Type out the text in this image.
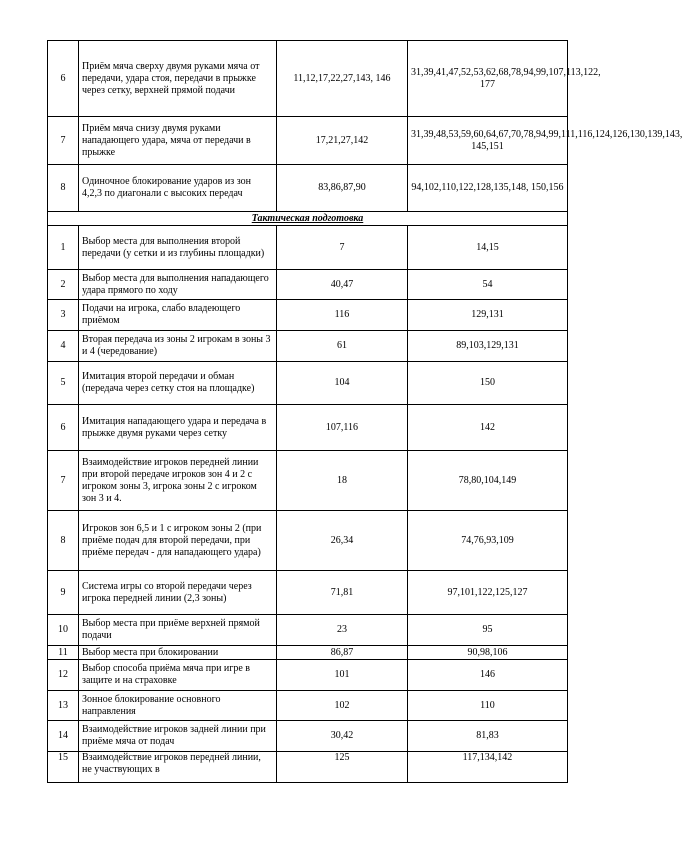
6	Приём мяча сверху двумя руками мяча от передачи, удара стоя, передачи в прыжке через сетку, верхней прямой подачи	11,12,17,22,27,143, 146	31,39,41,47,52,53,62,68,78,94,99,107,113,122, 177
7	Приём мяча снизу двумя руками нападающего удара, мяча от передачи в прыжке	17,21,27,142	31,39,48,53,59,60,64,67,70,78,94,99,111,116,124,126,130,139,143, 145,151
8	Одиночное блокирование ударов из зон 4,2,3 по диагонали с высоких передач	83,86,87,90	94,102,110,122,128,135,148, 150,156
Тактическая подготовка			
1	Выбор места для выполнения второй передачи (у сетки и из глубины площадки)	7	14,15
2	Выбор места для выполнения нападающего удара прямого по ходу	40,47	54
3	Подачи на игрока, слабо владеющего приёмом	116	129,131
4	Вторая передача из зоны 2 игрокам в зоны 3 и 4 (чередование)	61	89,103,129,131
5	Имитация второй передачи и обман (передача через сетку стоя на площадке)	104	150
6	Имитация нападающего удара и передача в прыжке двумя руками через сетку	107,116	142
7	Взаимодействие игроков передней линии при второй передаче игроков зон 4 и 2 с игроком зоны 3, игрока зоны 2 с игроком зон 3 и 4.	18	78,80,104,149
8	Игроков зон 6,5 и 1 с игроком зоны 2 (при приёме подач для второй передачи, при приёме передач - для нападающего удара)	26,34	74,76,93,109
9	Система игры со второй передачи через игрока передней линии (2,3 зоны)	71,81	97,101,122,125,127
10	Выбор места при приёме верхней прямой подачи	23	95
11	Выбор места при блокировании	86,87	90,98,106
12	Выбор способа приёма мяча при игре в защите и на страховке	101	146
13	Зонное блокирование основного направления	102	110
14	Взаимодействие игроков задней линии при приёме мяча от подач	30,42	81,83
15	Взаимодействие игроков передней линии, не участвующих в	125	117,134,142
